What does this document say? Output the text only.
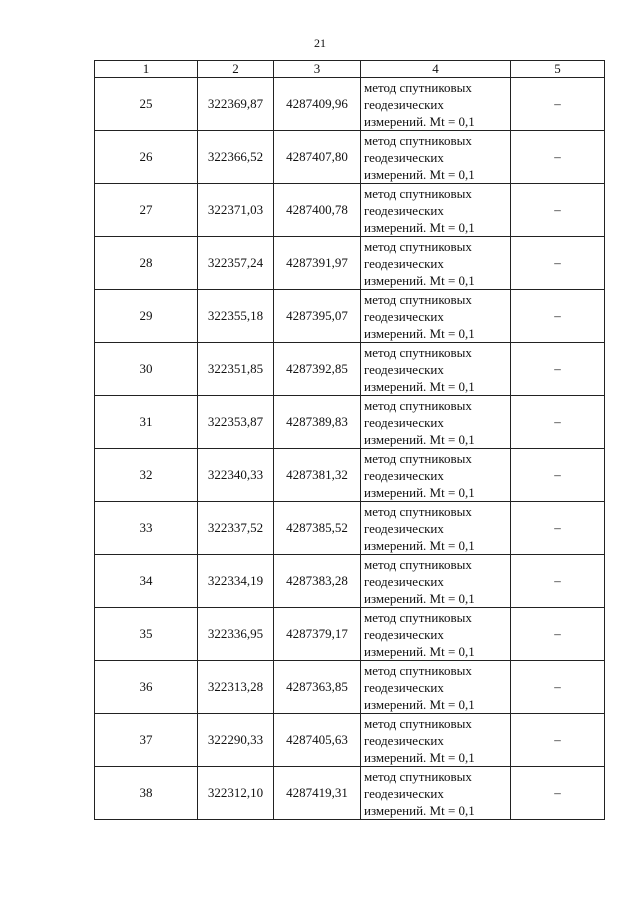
21
1	2	3	4	5
25	322369,87	4287409,96	метод спутниковых
геодезических
измерений. Mt = 0,1	–
26	322366,52	4287407,80	метод спутниковых
геодезических
измерений. Mt = 0,1	–
27	322371,03	4287400,78	метод спутниковых
геодезических
измерений. Mt = 0,1	–
28	322357,24	4287391,97	метод спутниковых
геодезических
измерений. Mt = 0,1	–
29	322355,18	4287395,07	метод спутниковых
геодезических
измерений. Mt = 0,1	–
30	322351,85	4287392,85	метод спутниковых
геодезических
измерений. Mt = 0,1	–
31	322353,87	4287389,83	метод спутниковых
геодезических
измерений. Mt = 0,1	–
32	322340,33	4287381,32	метод спутниковых
геодезических
измерений. Mt = 0,1	–
33	322337,52	4287385,52	метод спутниковых
геодезических
измерений. Mt = 0,1	–
34	322334,19	4287383,28	метод спутниковых
геодезических
измерений. Mt = 0,1	–
35	322336,95	4287379,17	метод спутниковых
геодезических
измерений. Mt = 0,1	–
36	322313,28	4287363,85	метод спутниковых
геодезических
измерений. Mt = 0,1	–
37	322290,33	4287405,63	метод спутниковых
геодезических
измерений. Mt = 0,1	–
38	322312,10	4287419,31	метод спутниковых
геодезических
измерений. Mt = 0,1	–
